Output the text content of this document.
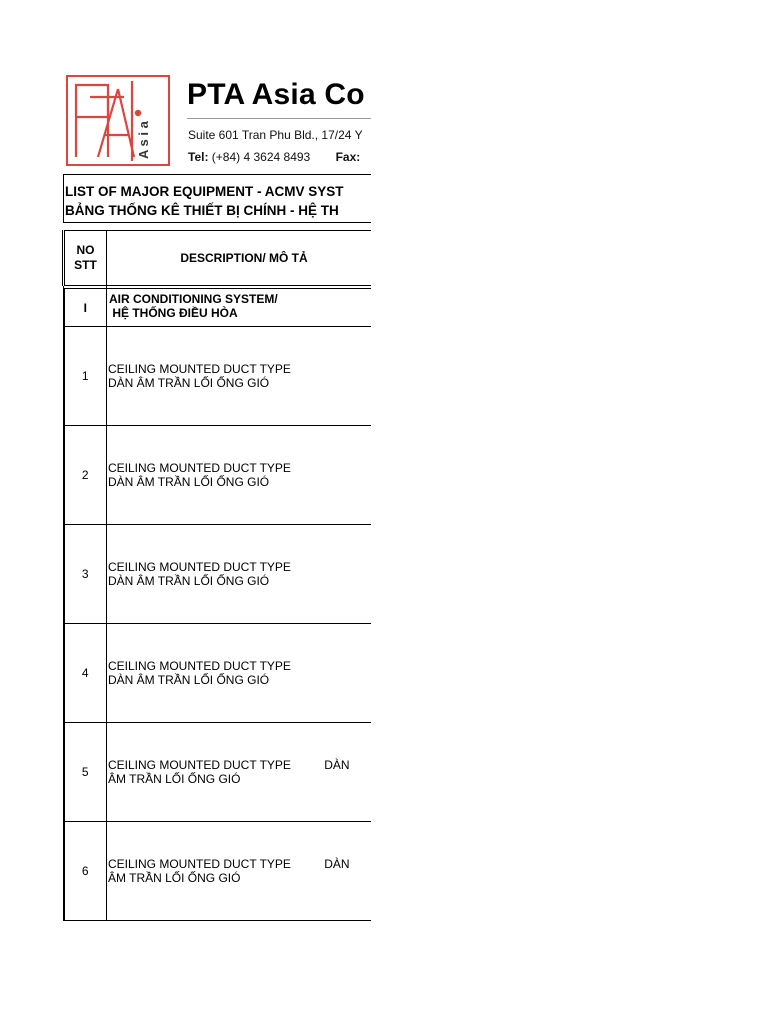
A s i a
PTA Asia Co
Suite 601 Tran Phu Bld., 17/24 Y
Tel: (+84) 4 3624 8493 Fax:
LIST OF MAJOR EQUIPMENT - ACMV SYST
BẢNG THỐNG KÊ THIẾT BỊ CHÍNH - HỆ TH
NO
STT	DESCRIPTION/ MÔ TẢ

I	AIR CONDITIONING SYSTEM/
HỆ THỐNG ĐIỀU HÒA
1	CEILING MOUNTED DUCT TYPE
DÀN ÂM TRẦN LỐI ỐNG GIÓ
2	CEILING MOUNTED DUCT TYPE
DÀN ÂM TRẦN LỐI ỐNG GIÓ
3	CEILING MOUNTED DUCT TYPE
DÀN ÂM TRẦN LỐI ỐNG GIÓ
4	CEILING MOUNTED DUCT TYPE
DÀN ÂM TRẦN LỐI ỐNG GIÓ
5	CEILING MOUNTED DUCT TYPE          DÀN
ÂM TRẦN LỐI ỐNG GIÓ
6	CEILING MOUNTED DUCT TYPE          DÀN
ÂM TRẦN LỐI ỐNG GIÓ
